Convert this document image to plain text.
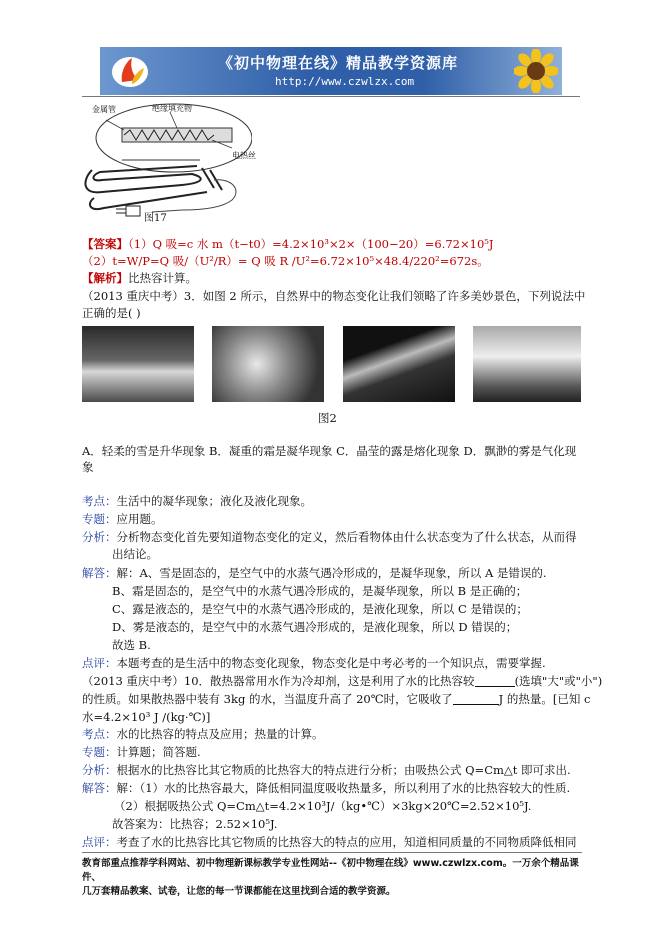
《初中物理在线》精品教学资源库
http://www.czwlzx.com
金属管	绝缘填充物
电热丝
图17
【答案】（1）Q 吸=c 水 m（t−t0）=4.2×10³×2×（100−20）=6.72×10⁵J
（2）t=W/P=Q 吸/（U²/R）= Q 吸 R /U²=6.72×10⁵×48.4/220²=672s。
【解析】比热容计算。
（2013 重庆中考）3．如图 2 所示，自然界中的物态变化让我们领略了许多美妙景色，下列说法中
正确的是( )
图2
A．轻柔的雪是升华现象 B．凝重的霜是凝华现象 C．晶莹的露是熔化现象 D．飘渺的雾是气化现
象
考点：生活中的凝华现象；液化及液化现象。
专题：应用题。
分析：分析物态变化首先要知道物态变化的定义，然后看物体由什么状态变为了什么状态，从而得
出结论。
解答：解：A、雪是固态的，是空气中的水蒸气遇冷形成的，是凝华现象，所以 A 是错误的.
B、霜是固态的，是空气中的水蒸气遇冷形成的，是凝华现象，所以 B 是正确的；
C、露是液态的，是空气中的水蒸气遇冷形成的，是液化现象，所以 C 是错误的；
D、雾是液态的，是空气中的水蒸气遇冷形成的，是液化现象，所以 D 错误的；
故选 B.
点评：本题考查的是生活中的物态变化现象，物态变化是中考必考的一个知识点，需要掌握.
（2013 重庆中考）10．散热器常用水作为冷却剂，这是利用了水的比热容较	(选填"大"或"小")
的性质。如果散热器中装有 3kg 的水，当温度升高了 20℃时，它吸收了	J 的热量。[已知 c
水=4.2×10³ J /(kg·℃)]
考点：水的比热容的特点及应用；热量的计算。
专题：计算题；简答题.
分析：根据水的比热容比其它物质的比热容大的特点进行分析；由吸热公式 Q=Cm△t 即可求出.
解答：解：（1）水的比热容最大，降低相同温度吸收热量多，所以利用了水的比热容较大的性质.
（2）根据吸热公式 Q=Cm△t=4.2×10³J/（kg•℃）×3kg×20℃=2.52×10⁵J.
故答案为：比热容；2.52×10⁵J.
点评：考查了水的比热容比其它物质的比热容大的特点的应用，知道相同质量的不同物质降低相同
教育部重点推荐学科网站、初中物理新课标教学专业性网站--《初中物理在线》www.czwlzx.com。一万余个精品课件、
几万套精品教案、试卷，让您的每一节课都能在这里找到合适的教学资源。
